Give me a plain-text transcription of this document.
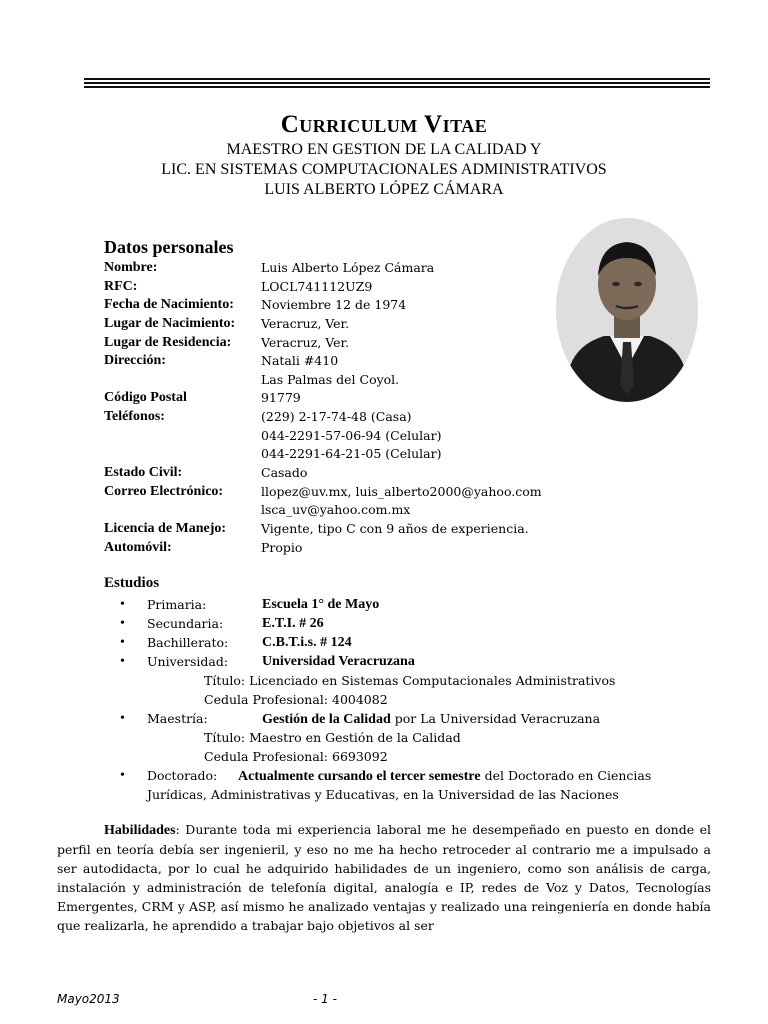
Curriculum Vitae
MAESTRO EN GESTION DE LA CALIDAD Y
LIC. EN SISTEMAS COMPUTACIONALES ADMINISTRATIVOS
LUIS ALBERTO LÓPEZ CÁMARA
Datos personales
Nombre:	Luis Alberto López Cámara
RFC:	LOCL741112UZ9
Fecha de Nacimiento:	Noviembre 12 de 1974
Lugar de Nacimiento:	Veracruz, Ver.
Lugar de Residencia:	Veracruz, Ver.
Dirección:	Natali #410
Las Palmas del Coyol.
Código Postal	91779
Teléfonos:	(229) 2-17-74-48 (Casa)
044-2291-57-06-94 (Celular)
044-2291-64-21-05 (Celular)
Estado Civil:	Casado
Correo Electrónico:	llopez@uv.mx, luis_alberto2000@yahoo.com
lsca_uv@yahoo.com.mx
Licencia de Manejo:	Vigente, tipo C con 9 años de experiencia.
Automóvil:	Propio
Estudios
• Primaria:	Escuela 1° de Mayo
• Secundaria:	E.T.I. # 26
• Bachillerato: C.B.T.i.s. # 124
• Universidad: Universidad Veracruzana
Título: Licenciado en Sistemas Computacionales Administrativos
Cedula Profesional: 4004082
• Maestría:	Gestión de la Calidad por La Universidad Veracruzana
Título: Maestro en Gestión de la Calidad
Cedula Profesional: 6693092
• Doctorado: Actualmente cursando el tercer semestre del Doctorado en Ciencias
Jurídicas, Administrativas y Educativas, en la Universidad de las Naciones
Habilidades: Durante toda mi experiencia laboral me he desempeñado en puesto en donde el perfil en teoría debía ser ingenieril, y eso no me ha hecho retroceder al contrario me a impulsado a ser autodidacta, por lo cual he adquirido habilidades de un ingeniero, como son análisis de carga, instalación y administración de telefonía digital, analogía e IP, redes de Voz y Datos, Tecnologías Emergentes, CRM y ASP, así mismo he analizado ventajas y realizado una reingeniería en donde había que realizarla, he aprendido a trabajar bajo objetivos al ser
Mayo2013	- 1 -
